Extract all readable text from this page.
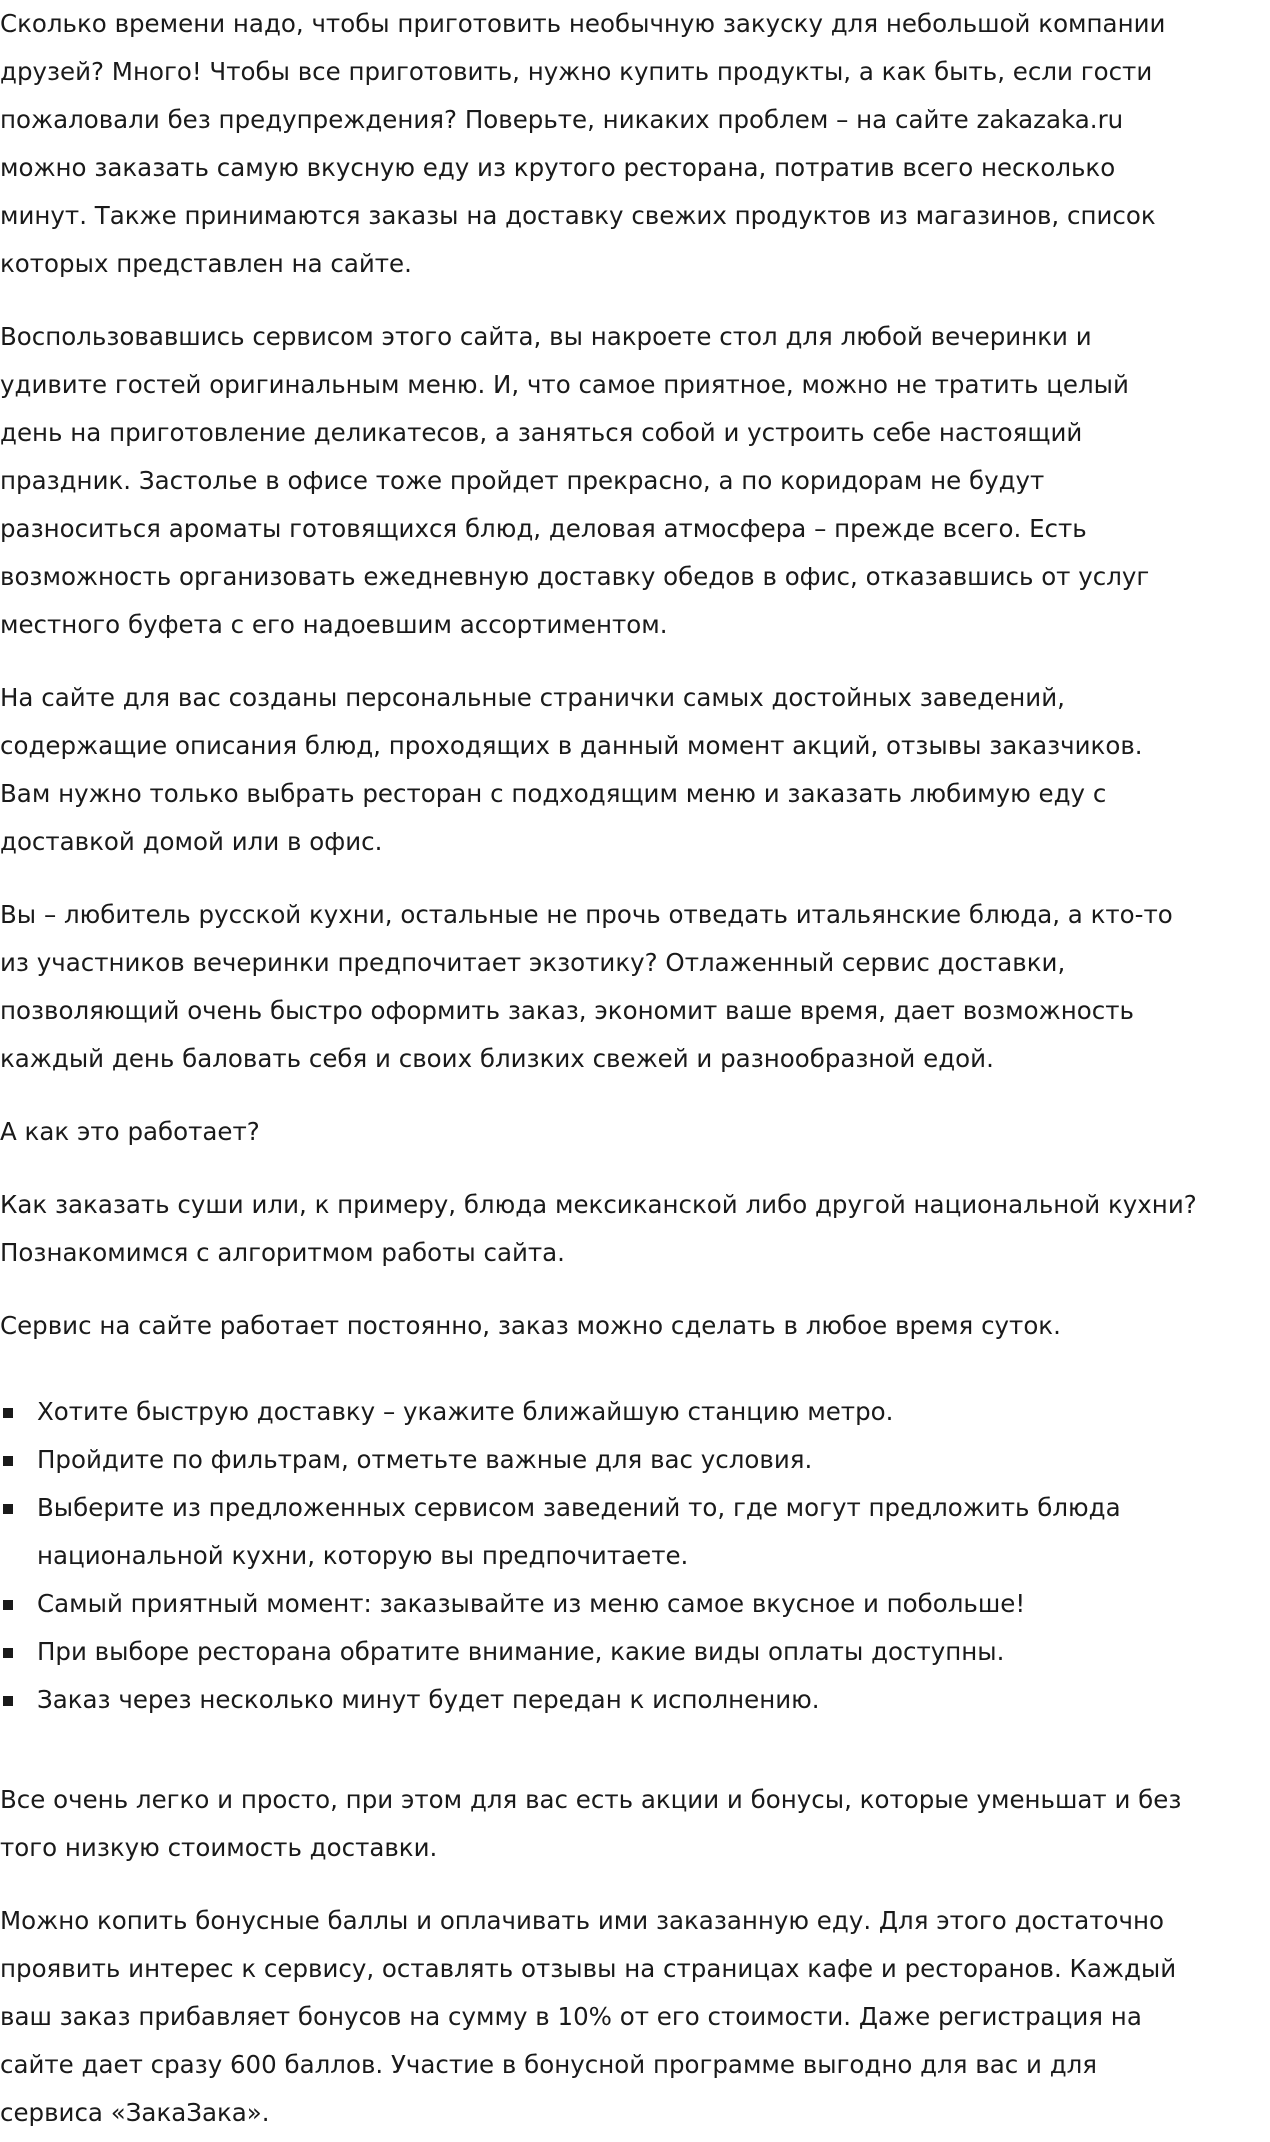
Сколько времени надо, чтобы приготовить необычную закуску для небольшой компании
друзей? Много! Чтобы все приготовить, нужно купить продукты, а как быть, если гости
пожаловали без предупреждения? Поверьте, никаких проблем – на сайте zakazaka.ru
можно заказать самую вкусную еду из крутого ресторана, потратив всего несколько
минут. Также принимаются заказы на доставку свежих продуктов из магазинов, список
которых представлен на сайте.

Воспользовавшись сервисом этого сайта, вы накроете стол для любой вечеринки и
удивите гостей оригинальным меню. И, что самое приятное, можно не тратить целый
день на приготовление деликатесов, а заняться собой и устроить себе настоящий
праздник. Застолье в офисе тоже пройдет прекрасно, а по коридорам не будут
разноситься ароматы готовящихся блюд, деловая атмосфера – прежде всего. Есть
возможность организовать ежедневную доставку обедов в офис, отказавшись от услуг
местного буфета с его надоевшим ассортиментом.

На сайте для вас созданы персональные странички самых достойных заведений,
содержащие описания блюд, проходящих в данный момент акций, отзывы заказчиков.
Вам нужно только выбрать ресторан с подходящим меню и заказать любимую еду с
доставкой домой или в офис.

Вы – любитель русской кухни, остальные не прочь отведать итальянские блюда, а кто-то
из участников вечеринки предпочитает экзотику? Отлаженный сервис доставки,
позволяющий очень быстро оформить заказ, экономит ваше время, дает возможность
каждый день баловать себя и своих близких свежей и разнообразной едой.

А как это работает?

Как заказать суши или, к примеру, блюда мексиканской либо другой национальной кухни?
Познакомимся с алгоритмом работы сайта.

Сервис на сайте работает постоянно, заказ можно сделать в любое время суток.

Хотите быструю доставку – укажите ближайшую станцию метро.
Пройдите по фильтрам, отметьте важные для вас условия.
Выберите из предложенных сервисом заведений то, где могут предложить блюда
национальной кухни, которую вы предпочитаете.
Самый приятный момент: заказывайте из меню самое вкусное и побольше!
При выборе ресторана обратите внимание, какие виды оплаты доступны.
Заказ через несколько минут будет передан к исполнению.

Все очень легко и просто, при этом для вас есть акции и бонусы, которые уменьшат и без
того низкую стоимость доставки.

Можно копить бонусные баллы и оплачивать ими заказанную еду. Для этого достаточно
проявить интерес к сервису, оставлять отзывы на страницах кафе и ресторанов. Каждый
ваш заказ прибавляет бонусов на сумму в 10% от его стоимости. Даже регистрация на
сайте дает сразу 600 баллов. Участие в бонусной программе выгодно для вас и для
сервиса «ЗакаЗака».
